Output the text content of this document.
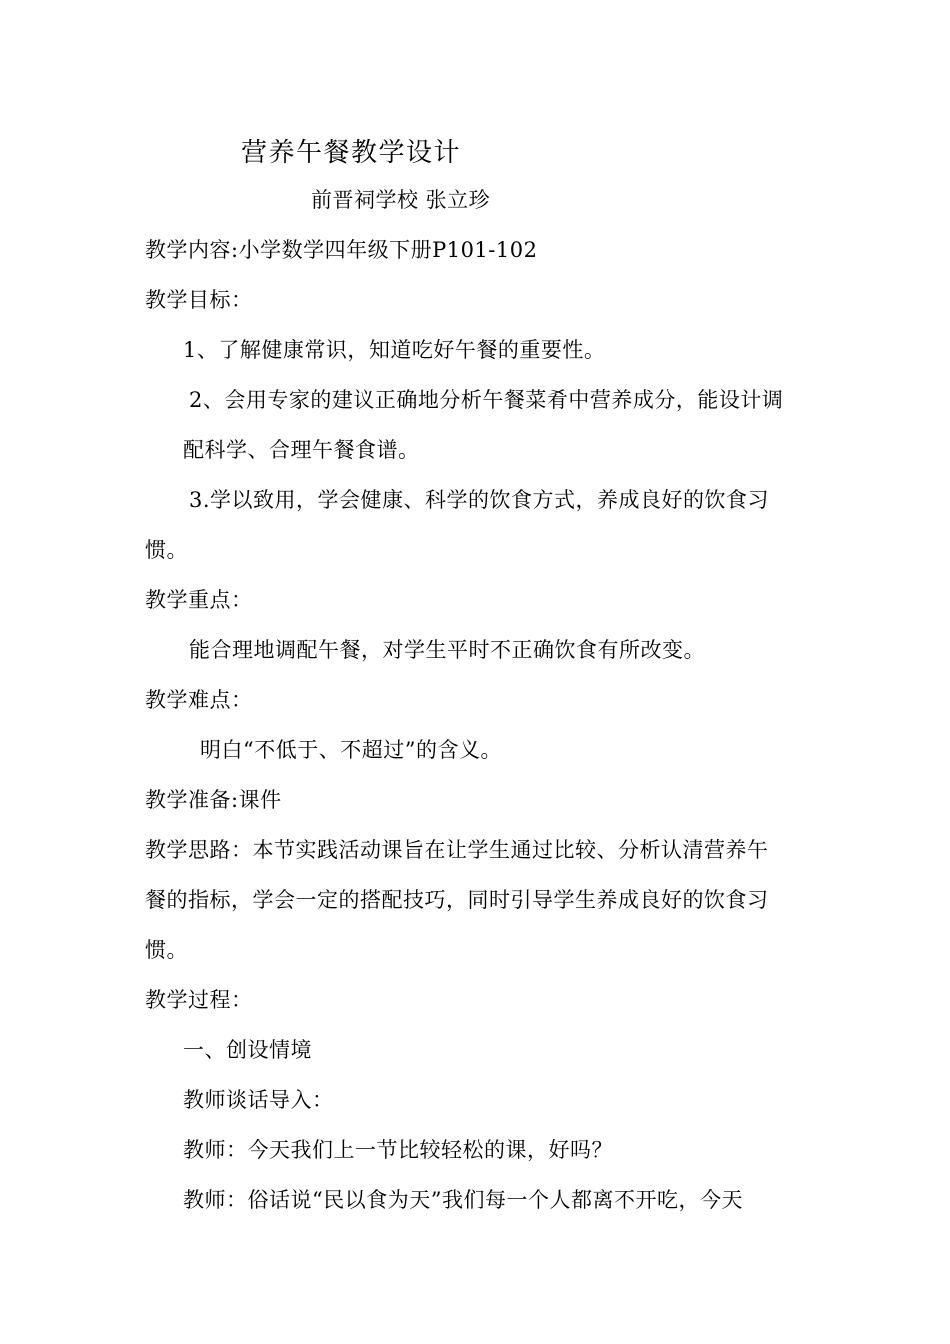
营养午餐教学设计
前晋祠学校 张立珍
教学内容:小学数学四年级下册P101-102
教学目标：
1、了解健康常识，知道吃好午餐的重要性。
2、会用专家的建议正确地分析午餐菜肴中营养成分，能设计调
配科学、合理午餐食谱。
3.学以致用，学会健康、科学的饮食方式，养成良好的饮食习
惯。
教学重点：
能合理地调配午餐，对学生平时不正确饮食有所改变。
教学难点：
明白“不低于、不超过”的含义。
教学准备:课件
教学思路：本节实践活动课旨在让学生通过比较、分析认清营养午
餐的指标，学会一定的搭配技巧，同时引导学生养成良好的饮食习
惯。
教学过程：
一、创设情境
教师谈话导入：
教师：今天我们上一节比较轻松的课，好吗？
教师：俗话说“民以食为天”我们每一个人都离不开吃，今天
